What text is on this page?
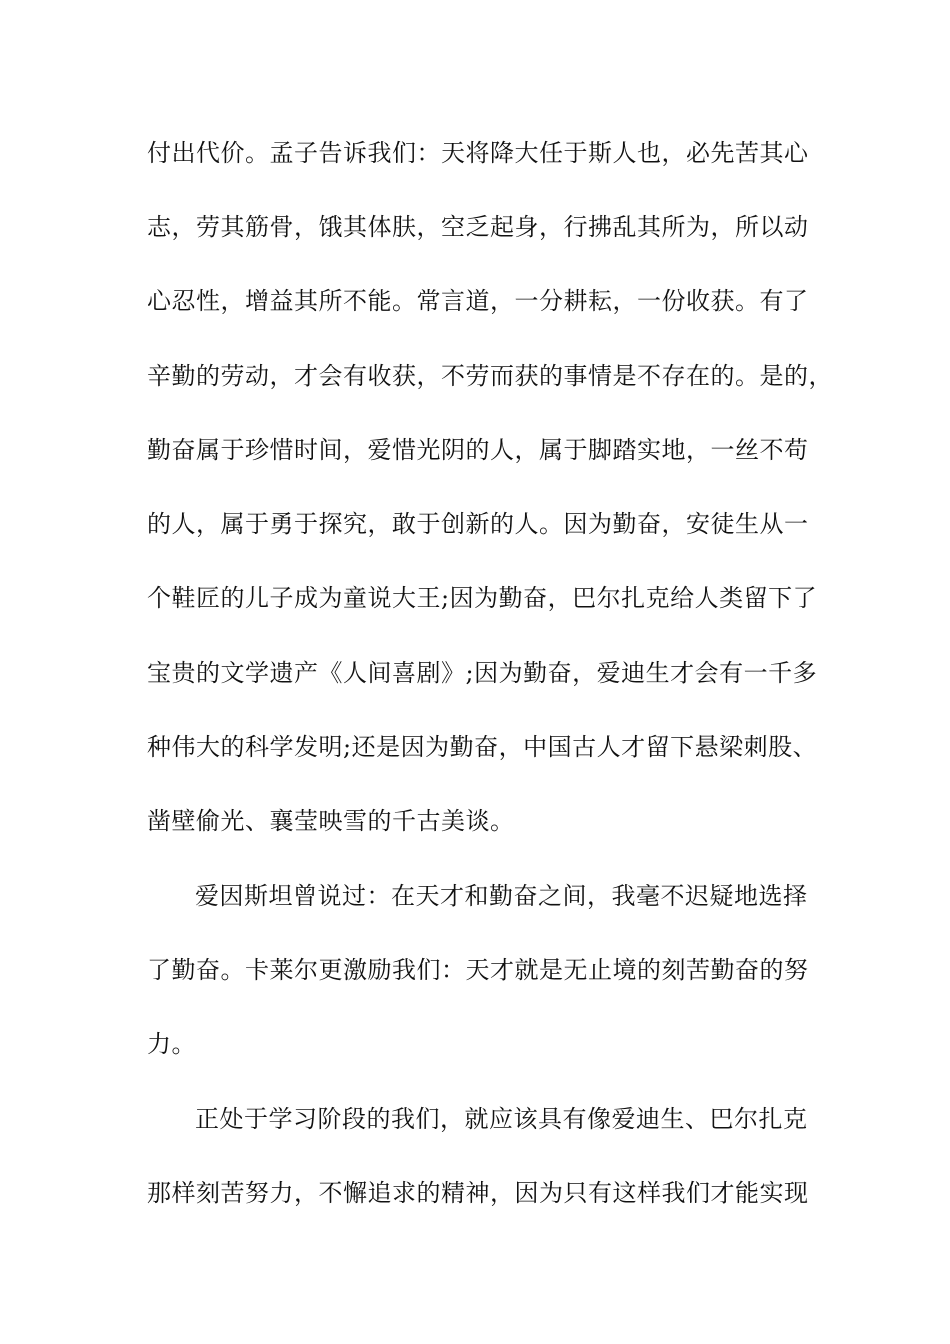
付出代价。孟子告诉我们：天将降大任于斯人也，必先苦其心
志，劳其筋骨，饿其体肤，空乏起身，行拂乱其所为，所以动
心忍性，增益其所不能。常言道，一分耕耘，一份收获。有了
辛勤的劳动，才会有收获，不劳而获的事情是不存在的。是的，
勤奋属于珍惜时间，爱惜光阴的人，属于脚踏实地，一丝不苟
的人，属于勇于探究，敢于创新的人。因为勤奋，安徒生从一
个鞋匠的儿子成为童说大王;因为勤奋，巴尔扎克给人类留下了
宝贵的文学遗产《人间喜剧》;因为勤奋，爱迪生才会有一千多
种伟大的科学发明;还是因为勤奋，中国古人才留下悬梁刺股、
凿壁偷光、襄莹映雪的千古美谈。
爱因斯坦曾说过：在天才和勤奋之间，我毫不迟疑地选择
了勤奋。卡莱尔更激励我们：天才就是无止境的刻苦勤奋的努
力。
正处于学习阶段的我们，就应该具有像爱迪生、巴尔扎克
那样刻苦努力，不懈追求的精神，因为只有这样我们才能实现
